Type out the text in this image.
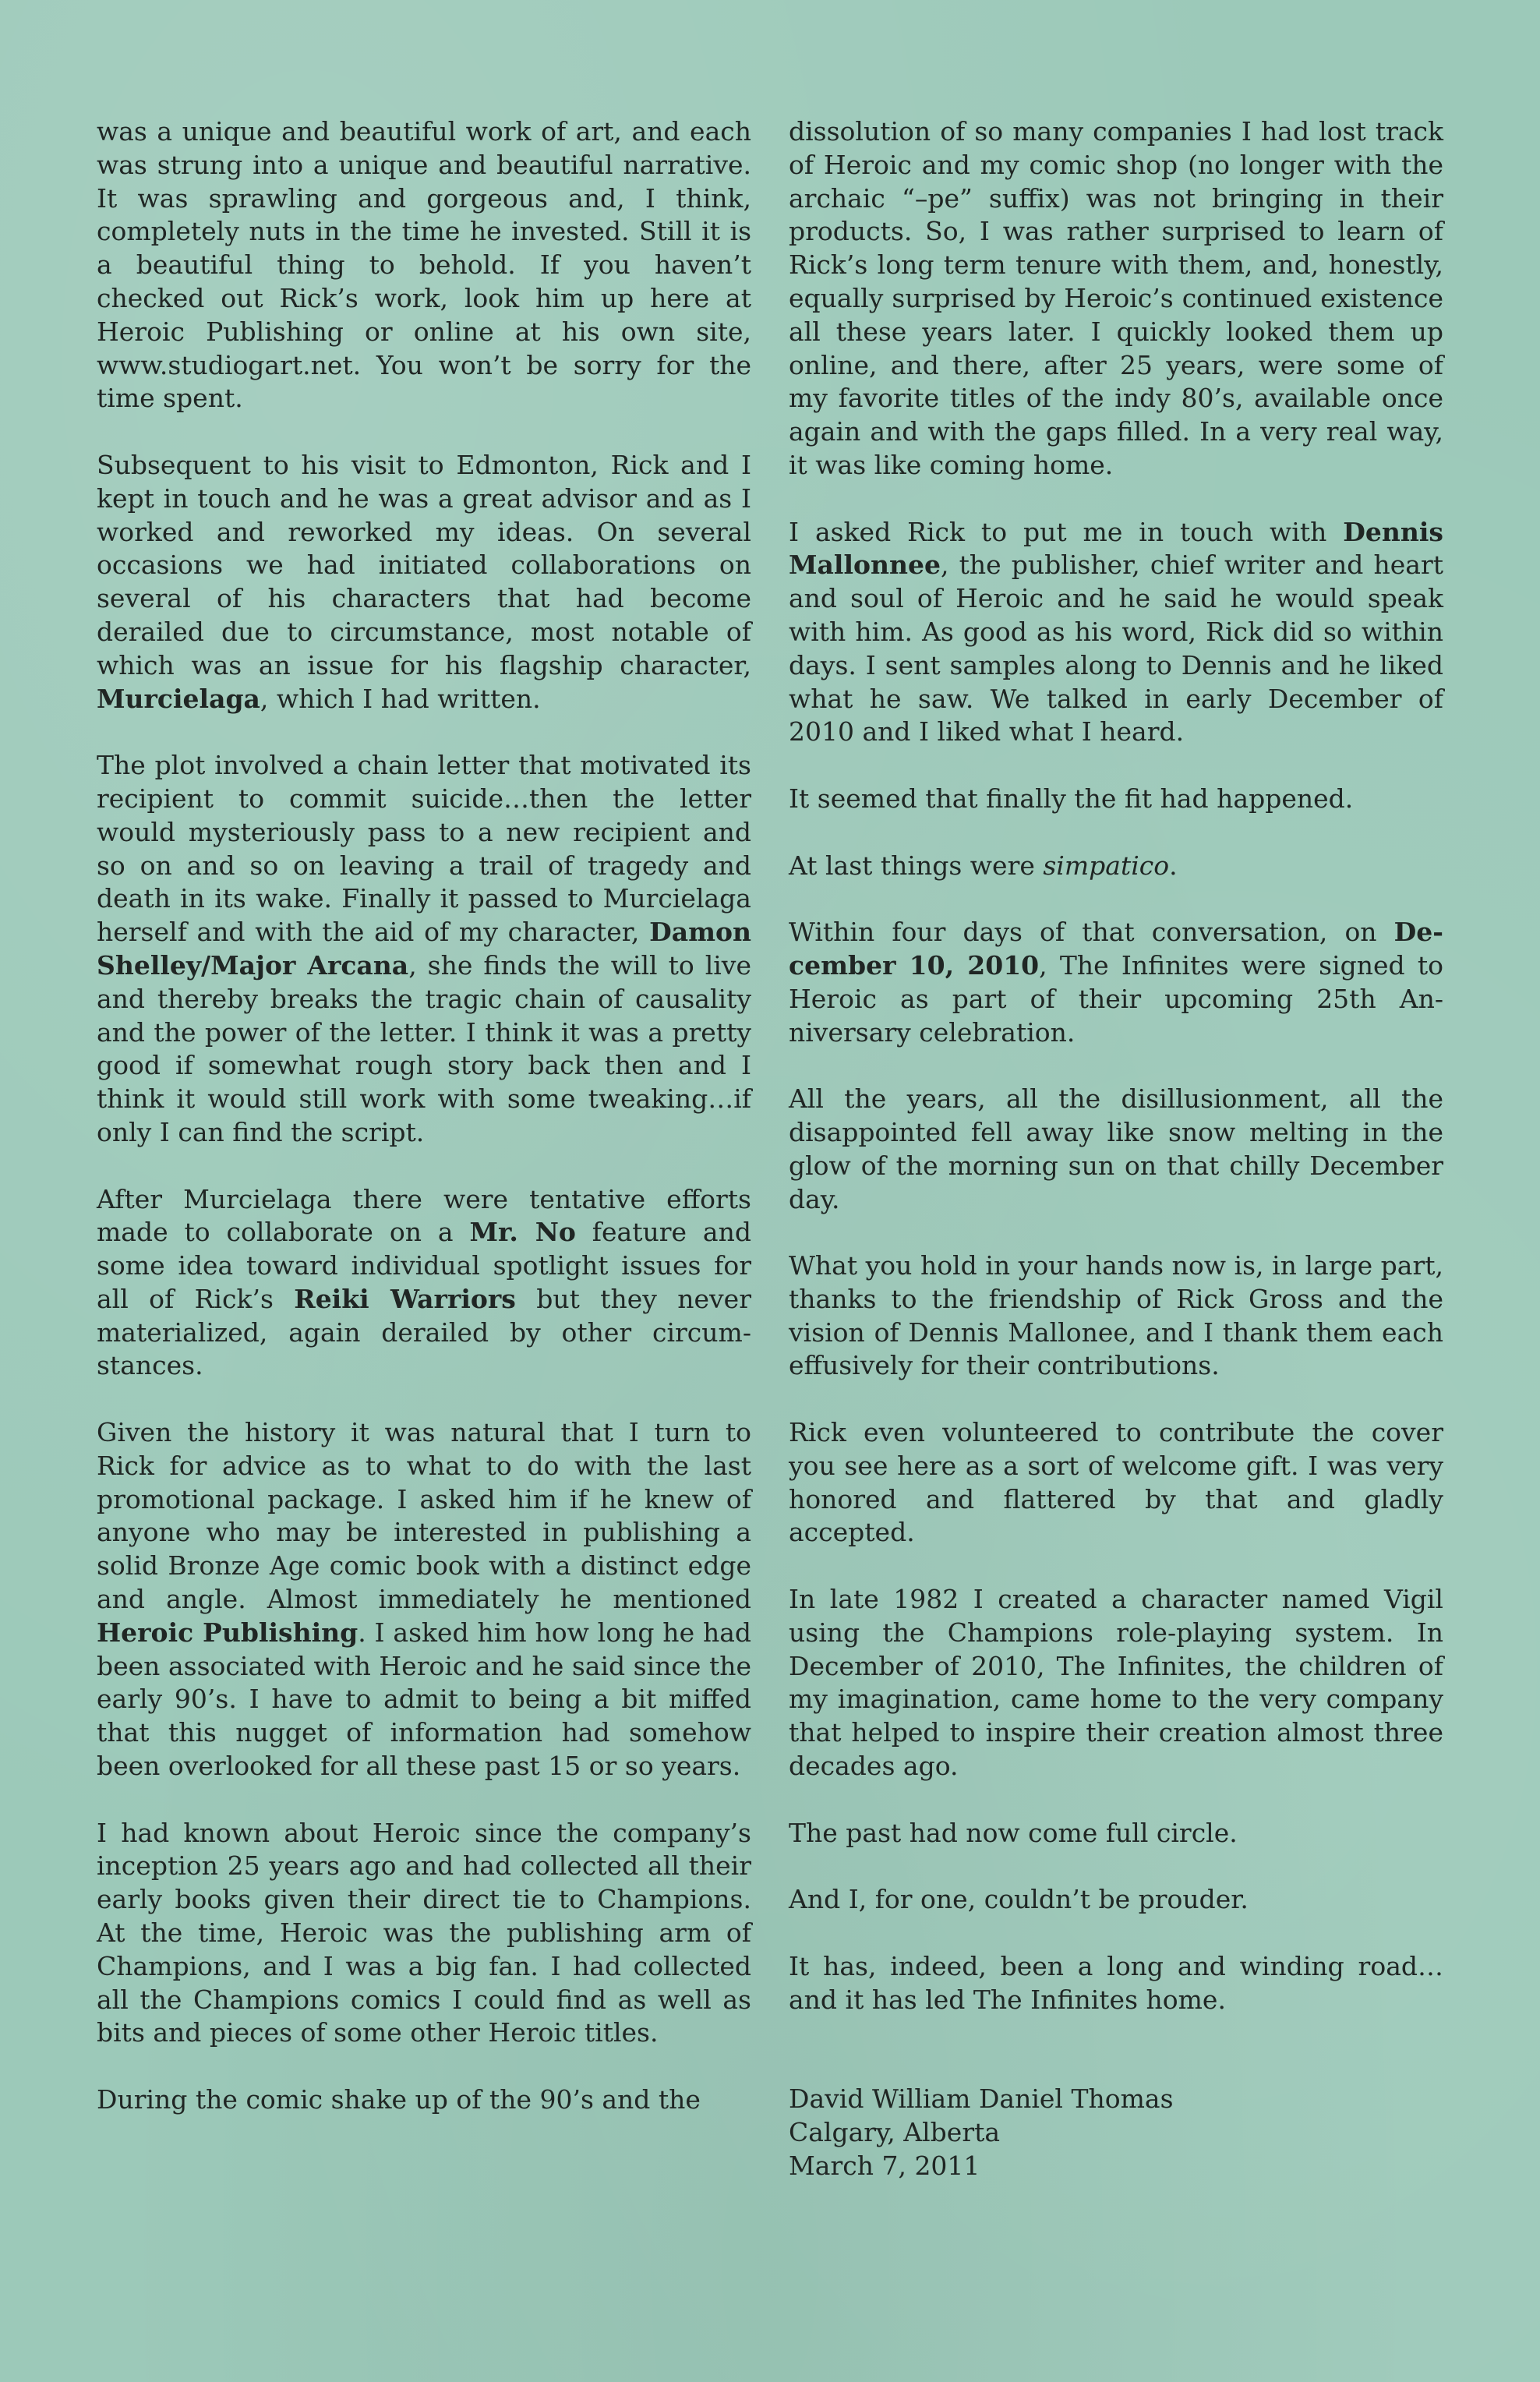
was a unique and beautiful work of art, and each was strung into a unique and beautiful narrative. It was sprawling and gorgeous and, I think, completely nuts in the time he invested. Still it is a beautiful thing to behold. If you haven’t checked out Rick’s work, look him up here at Heroic Publishing or online at his own site, www.studiogart.net. You won’t be sorry for the time spent.

Subsequent to his visit to Edmonton, Rick and I kept in touch and he was a great advisor and as I worked and reworked my ideas. On several occasions we had initiated collaborations on several of his characters that had become derailed due to circumstance, most notable of which was an issue for his flagship character, Murcielaga, which I had written.

The plot involved a chain letter that motivated its recipient to commit suicide…then the letter would mysteriously pass to a new recipient and so on and so on leaving a trail of tragedy and death in its wake. Finally it passed to Murcielaga herself and with the aid of my character, Damon Shelley/Major Arcana, she finds the will to live and thereby breaks the tragic chain of causality and the power of the letter. I think it was a pretty good if somewhat rough story back then and I think it would still work with some tweaking…if only I can find the script.

After Murcielaga there were tentative efforts made to collaborate on a Mr. No feature and some idea toward individual spotlight issues for all of Rick’s Reiki Warriors but they never materialized, again derailed by other circumstances.

Given the history it was natural that I turn to Rick for advice as to what to do with the last promotional package. I asked him if he knew of anyone who may be interested in publishing a solid Bronze Age comic book with a distinct edge and angle. Almost immediately he mentioned Heroic Publishing. I asked him how long he had been associated with Heroic and he said since the early 90’s. I have to admit to being a bit miffed that this nugget of information had somehow been overlooked for all these past 15 or so years.

I had known about Heroic since the company’s inception 25 years ago and had collected all their early books given their direct tie to Champions. At the time, Heroic was the publishing arm of Champions, and I was a big fan. I had collected all the Champions comics I could find as well as bits and pieces of some other Heroic titles.

During the comic shake up of the 90’s and the

dissolution of so many companies I had lost track of Heroic and my comic shop (no longer with the archaic “–pe” suffix) was not bringing in their products. So, I was rather surprised to learn of Rick’s long term tenure with them, and, honestly, equally surprised by Heroic’s continued existence all these years later. I quickly looked them up online, and there, after 25 years, were some of my favorite titles of the indy 80’s, available once again and with the gaps filled. In a very real way, it was like coming home.

I asked Rick to put me in touch with Dennis Mallonnee, the publisher, chief writer and heart and soul of Heroic and he said he would speak with him. As good as his word, Rick did so within days. I sent samples along to Dennis and he liked what he saw. We talked in early December of 2010 and I liked what I heard.

It seemed that finally the fit had happened.

At last things were simpatico.

Within four days of that conversation, on December 10, 2010, The Infinites were signed to Heroic as part of their upcoming 25th Anniversary celebration.

All the years, all the disillusionment, all the disappointed fell away like snow melting in the glow of the morning sun on that chilly December day.

What you hold in your hands now is, in large part, thanks to the friendship of Rick Gross and the vision of Dennis Mallonee, and I thank them each effusively for their contributions.

Rick even volunteered to contribute the cover you see here as a sort of welcome gift. I was very honored and flattered by that and gladly accepted.

In late 1982 I created a character named Vigil using the Champions role-playing system. In December of 2010, The Infinites, the children of my imagination, came home to the very company that helped to inspire their creation almost three decades ago.

The past had now come full circle.

And I, for one, couldn’t be prouder.

It has, indeed, been a long and winding road… and it has led The Infinites home.

David William Daniel Thomas
Calgary, Alberta
March 7, 2011
